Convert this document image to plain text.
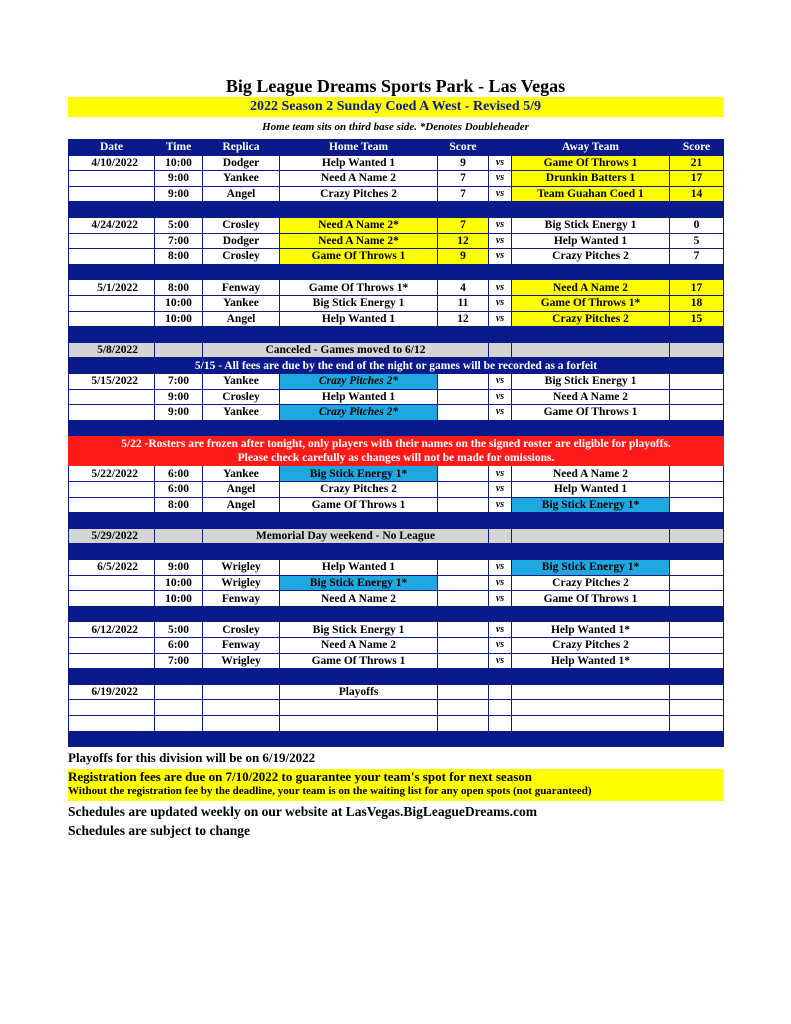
Big League Dreams Sports Park - Las Vegas
2022 Season 2 Sunday Coed A West - Revised 5/9
Home team sits on third base side. *Denotes Doubleheader
Date	Time	Replica	Home Team	Score		Away Team	Score
4/10/2022	10:00	Dodger	Help Wanted 1	9	vs	Game Of Throws 1	21
	9:00	Yankee	Need A Name 2	7	vs	Drunkin Batters 1	17
	9:00	Angel	Crazy Pitches 2	7	vs	Team Guahan Coed 1	14

4/24/2022	5:00	Crosley	Need A Name 2*	7	vs	Big Stick Energy 1	0
	7:00	Dodger	Need A Name 2*	12	vs	Help Wanted 1	5
	8:00	Crosley	Game Of Throws 1	9	vs	Crazy Pitches 2	7

5/1/2022	8:00	Fenway	Game Of Throws 1*	4	vs	Need A Name 2	17
	10:00	Yankee	Big Stick Energy 1	11	vs	Game Of Throws 1*	18
	10:00	Angel	Help Wanted 1	12	vs	Crazy Pitches 2	15

5/8/2022		Canceled - Games moved to 6/12					
5/15 - All fees are due by the end of the night or games will be recorded as a forfeit							
5/15/2022	7:00	Yankee	Crazy Pitches 2*		vs	Big Stick Energy 1	
	9:00	Crosley	Help Wanted 1		vs	Need A Name 2	
	9:00	Yankee	Crazy Pitches 2*		vs	Game Of Throws 1	

5/22 -Rosters are frozen after tonight, only players with their names on the signed roster are eligible for playoffs.							
Please check carefully as changes will not be made for omissions.							
5/22/2022	6:00	Yankee	Big Stick Energy 1*		vs	Need A Name 2	
	6:00	Angel	Crazy Pitches 2		vs	Help Wanted 1	
	8:00	Angel	Game Of Throws 1		vs	Big Stick Energy 1*	

5/29/2022		Memorial Day weekend - No League					

6/5/2022	9:00	Wrigley	Help Wanted 1		vs	Big Stick Energy 1*	
	10:00	Wrigley	Big Stick Energy 1*		vs	Crazy Pitches 2	
	10:00	Fenway	Need A Name 2		vs	Game Of Throws 1	

6/12/2022	5:00	Crosley	Big Stick Energy 1		vs	Help Wanted 1*	
	6:00	Fenway	Need A Name 2		vs	Crazy Pitches 2	
	7:00	Wrigley	Game Of Throws 1		vs	Help Wanted 1*	

6/19/2022			Playoffs				

Playoffs for this division will be on 6/19/2022
Registration fees are due on 7/10/2022 to guarantee your team's spot for next season
Without the registration fee by the deadline, your team is on the waiting list for any open spots (not guaranteed)
Schedules are updated weekly on our website at LasVegas.BigLeagueDreams.com
Schedules are subject to change
